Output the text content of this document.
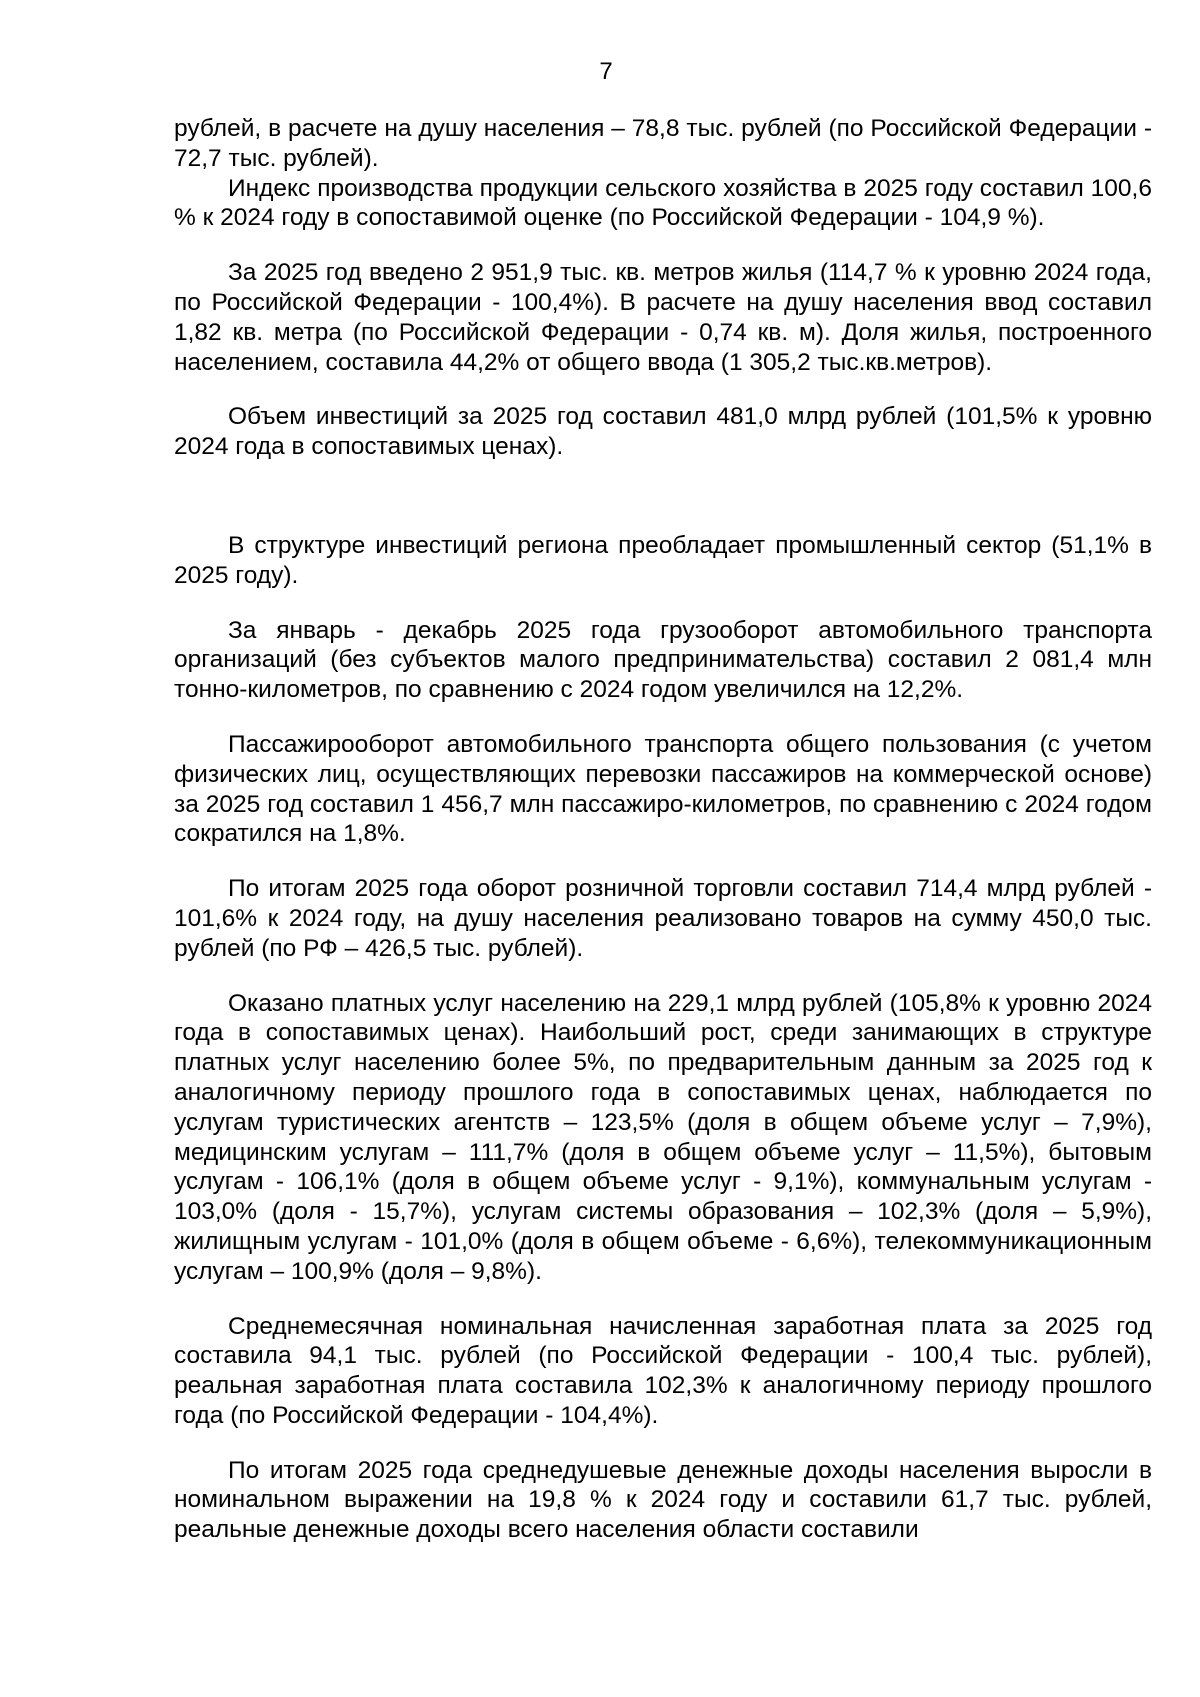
7

рублей, в расчете на душу населения – 78,8 тыс. рублей (по Российской Федерации - 72,7 тыс. рублей).

Индекс производства продукции сельского хозяйства в 2025 году составил 100,6 % к 2024 году в сопоставимой оценке (по Российской Федерации - 104,9 %).

За 2025 год введено 2 951,9 тыс. кв. метров жилья (114,7 % к уровню 2024 года, по Российской Федерации - 100,4%). В расчете на душу населения ввод составил 1,82 кв. метра (по Российской Федерации - 0,74 кв. м). Доля жилья, построенного населением, составила 44,2% от общего ввода (1 305,2 тыс.кв.метров).

Объем инвестиций за 2025 год составил 481,0 млрд рублей (101,5% к уровню 2024 года в сопоставимых ценах).

В структуре инвестиций региона преобладает промышленный сектор (51,1% в 2025 году).

За январь - декабрь 2025 года грузооборот автомобильного транспорта организаций (без субъектов малого предпринимательства) составил 2 081,4 млн тонно-километров, по сравнению с 2024 годом увеличился на 12,2%.

Пассажирооборот автомобильного транспорта общего пользования (с учетом физических лиц, осуществляющих перевозки пассажиров на коммерческой основе) за 2025 год составил 1 456,7 млн пассажиро-километров, по сравнению с 2024 годом сократился на 1,8%.

По итогам 2025 года оборот розничной торговли составил 714,4 млрд рублей - 101,6% к 2024 году, на душу населения реализовано товаров на сумму 450,0 тыс. рублей (по РФ – 426,5 тыс. рублей).

Оказано платных услуг населению на 229,1 млрд рублей (105,8% к уровню 2024 года в сопоставимых ценах). Наибольший рост, среди занимающих в структуре платных услуг населению более 5%, по предварительным данным за 2025 год к аналогичному периоду прошлого года в сопоставимых ценах, наблюдается по услугам туристических агентств – 123,5% (доля в общем объеме услуг – 7,9%), медицинским услугам – 111,7% (доля в общем объеме услуг – 11,5%), бытовым услугам - 106,1% (доля в общем объеме услуг - 9,1%), коммунальным услугам - 103,0% (доля - 15,7%), услугам системы образования – 102,3% (доля – 5,9%), жилищным услугам - 101,0% (доля в общем объеме - 6,6%), телекоммуникационным услугам – 100,9% (доля – 9,8%).

Среднемесячная номинальная начисленная заработная плата за 2025 год составила 94,1 тыс. рублей (по Российской Федерации - 100,4 тыс. рублей), реальная заработная плата составила 102,3% к аналогичному периоду прошлого года (по Российской Федерации - 104,4%).

По итогам 2025 года среднедушевые денежные доходы населения выросли в номинальном выражении на 19,8 % к 2024 году и составили 61,7 тыс. рублей, реальные денежные доходы всего населения области составили
